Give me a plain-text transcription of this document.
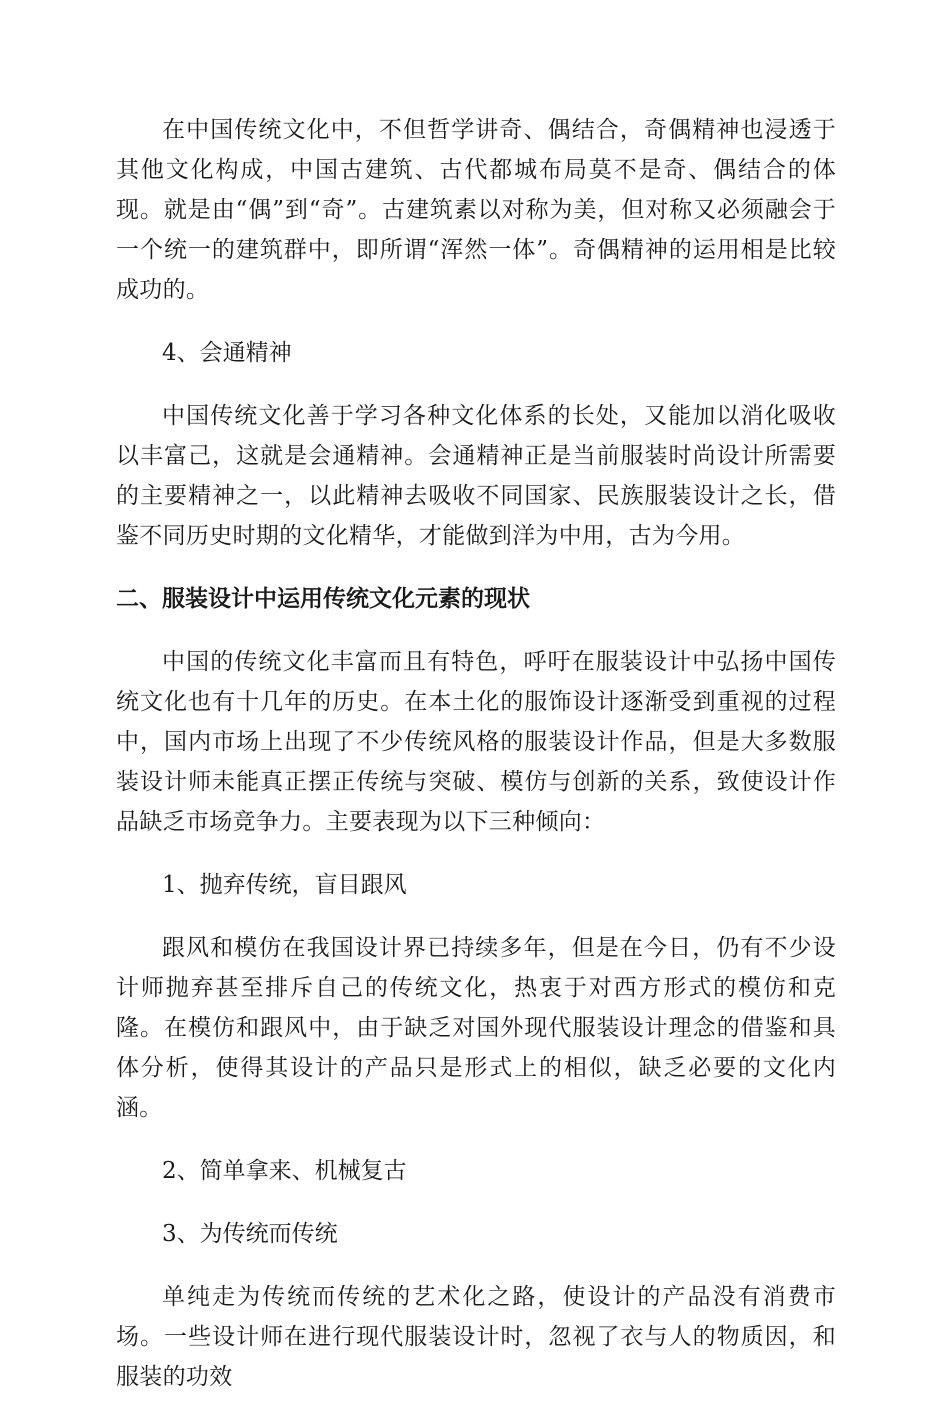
在中国传统文化中，不但哲学讲奇、偶结合，奇偶精神也浸透于其他文化构成，中国古建筑、古代都城布局莫不是奇、偶结合的体现。就是由“偶”到“奇”。古建筑素以对称为美，但对称又必须融会于一个统一的建筑群中，即所谓“浑然一体”。奇偶精神的运用相是比较成功的。

4、会通精神

中国传统文化善于学习各种文化体系的长处，又能加以消化吸收以丰富己，这就是会通精神。会通精神正是当前服装时尚设计所需要的主要精神之一，以此精神去吸收不同国家、民族服装设计之长，借鉴不同历史时期的文化精华，才能做到洋为中用，古为今用。

二、服装设计中运用传统文化元素的现状

中国的传统文化丰富而且有特色，呼吁在服装设计中弘扬中国传统文化也有十几年的历史。在本土化的服饰设计逐渐受到重视的过程中，国内市场上出现了不少传统风格的服装设计作品，但是大多数服装设计师未能真正摆正传统与突破、模仿与创新的关系，致使设计作品缺乏市场竞争力。主要表现为以下三种倾向：

1、抛弃传统，盲目跟风

跟风和模仿在我国设计界已持续多年，但是在今日，仍有不少设计师抛弃甚至排斥自己的传统文化，热衷于对西方形式的模仿和克隆。在模仿和跟风中，由于缺乏对国外现代服装设计理念的借鉴和具体分析，使得其设计的产品只是形式上的相似，缺乏必要的文化内涵。

2、简单拿来、机械复古

3、为传统而传统

单纯走为传统而传统的艺术化之路，使设计的产品没有消费市场。一些设计师在进行现代服装设计时，忽视了衣与人的物质因，和服装的功效
